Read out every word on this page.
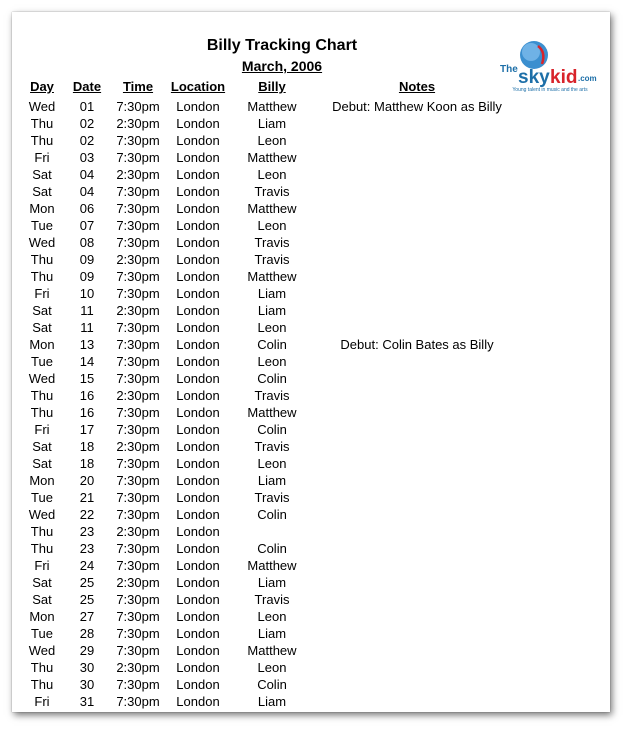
Billy Tracking Chart
March, 2006	The sky kid .com
Young talent in music and the arts
Day	Date	Time	Location	Billy	Notes
Wed	01	7:30pm	London	Matthew	Debut: Matthew Koon as Billy
Thu	02	2:30pm	London	Liam
Thu	02	7:30pm	London	Leon
Fri	03	7:30pm	London	Matthew
Sat	04	2:30pm	London	Leon
Sat	04	7:30pm	London	Travis
Mon	06	7:30pm	London	Matthew
Tue	07	7:30pm	London	Leon
Wed	08	7:30pm	London	Travis
Thu	09	2:30pm	London	Travis
Thu	09	7:30pm	London	Matthew
Fri	10	7:30pm	London	Liam
Sat	11	2:30pm	London	Liam
Sat	11	7:30pm	London	Leon
Mon	13	7:30pm	London	Colin	Debut: Colin Bates as Billy
Tue	14	7:30pm	London	Leon
Wed	15	7:30pm	London	Colin
Thu	16	2:30pm	London	Travis
Thu	16	7:30pm	London	Matthew
Fri	17	7:30pm	London	Colin
Sat	18	2:30pm	London	Travis
Sat	18	7:30pm	London	Leon
Mon	20	7:30pm	London	Liam
Tue	21	7:30pm	London	Travis
Wed	22	7:30pm	London	Colin
Thu	23	2:30pm	London
Thu	23	7:30pm	London	Colin
Fri	24	7:30pm	London	Matthew
Sat	25	2:30pm	London	Liam
Sat	25	7:30pm	London	Travis
Mon	27	7:30pm	London	Leon
Tue	28	7:30pm	London	Liam
Wed	29	7:30pm	London	Matthew
Thu	30	2:30pm	London	Leon
Thu	30	7:30pm	London	Colin
Fri	31	7:30pm	London	Liam
